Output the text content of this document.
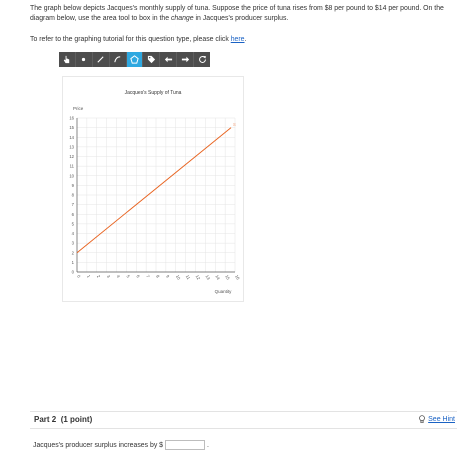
The graph below depicts Jacques's monthly supply of tuna. Suppose the price of tuna rises from $8 per pound to $14 per pound. On the diagram below, use the area tool to box in the change in Jacques's producer surplus.

To refer to the graphing tutorial for this question type, please click here.

Jacques's Supply of Tuna
Price
Quantity
0
1
2
3
4
5
6
7
8
9
10
11
12
13
14
15
16
0 1 2 3 4 5 6 7 8 9 10 11 12 13 14 15 16
S
Part 2 (1 point)	See Hint
Jacques's producer surplus increases by $	.
